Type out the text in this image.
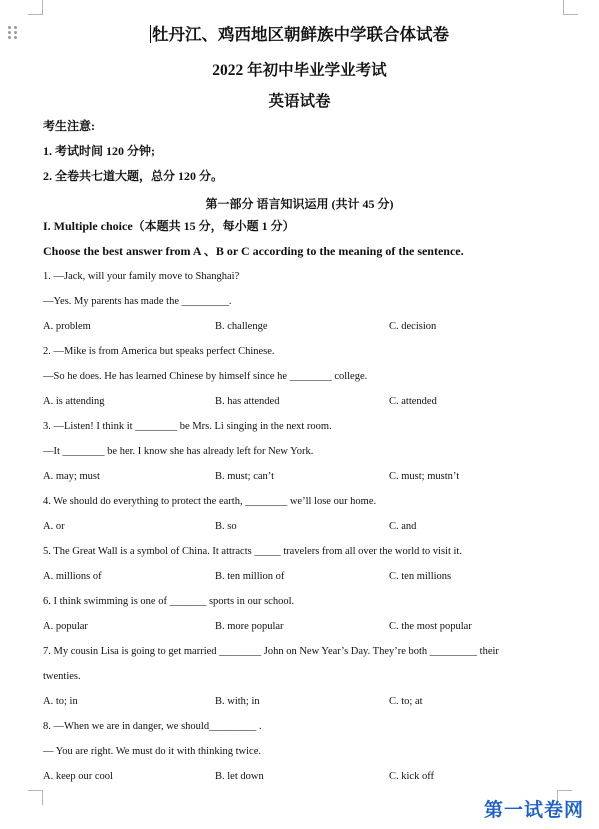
牡丹江、鸡西地区朝鲜族中学联合体试卷
2022 年初中毕业学业考试
英语试卷
考生注意:
1. 考试时间 120 分钟;
2. 全卷共七道大题，总分 120 分。
第一部分 语言知识运用 (共计 45 分)
I. Multiple choice（本题共 15 分，每小题 1 分）
Choose the best answer from A 、B or C according to the meaning of the sentence.
1. —Jack, will your family move to Shanghai?
—Yes. My parents has made the _________.
A. problem	B. challenge	C. decision
2. —Mike is from America but speaks perfect Chinese.
—So he does. He has learned Chinese by himself since he ________ college.
A. is attending	B. has attended	C. attended
3. —Listen! I think it ________ be Mrs. Li singing in the next room.
—It ________ be her. I know she has already left for New York.
A. may; must	B. must; can’t	C. must; mustn’t
4. We should do everything to protect the earth, ________ we’ll lose our home.
A. or	B. so	C. and
5. The Great Wall is a symbol of China. It attracts _____ travelers from all over the world to visit it.
A. millions of	B. ten million of	C. ten millions
6. I think swimming is one of _______ sports in our school.
A. popular	B. more popular	C. the most popular
7. My cousin Lisa is going to get married ________ John on New Year’s Day. They’re both _________ their
twenties.
A. to; in	B. with; in	C. to; at
8. —When we are in danger, we should_________ .
— You are right. We must do it with thinking twice.
A. keep our cool	B. let down	C. kick off
第一试卷网
